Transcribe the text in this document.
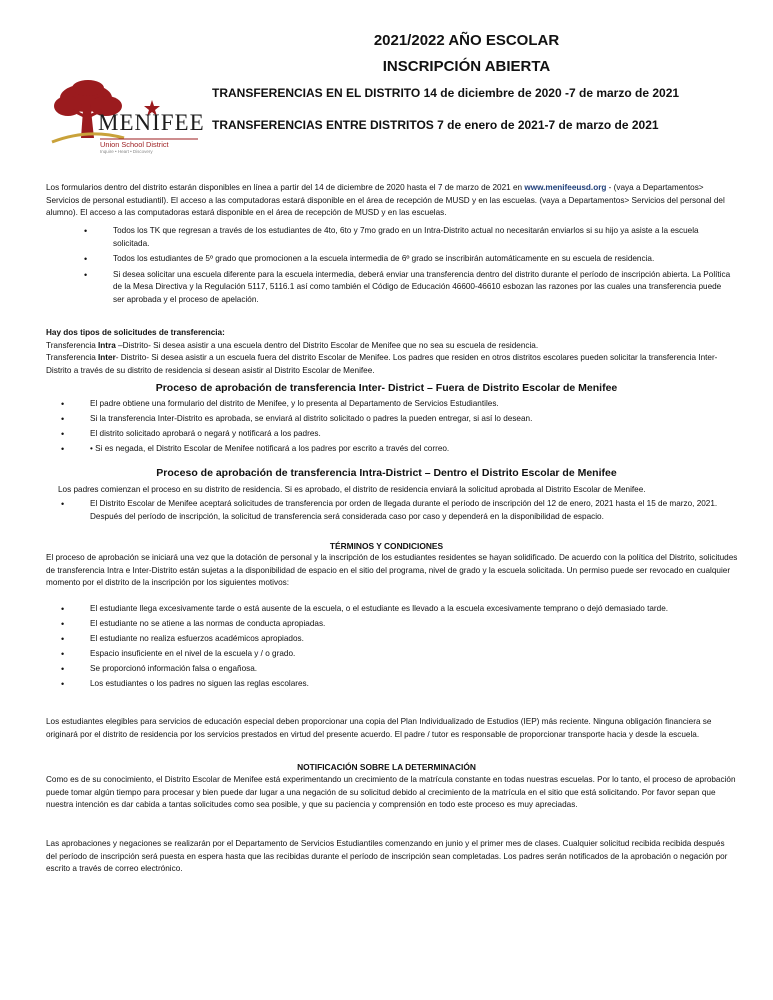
2021/2022 AÑO ESCOLAR
INSCRIPCIÓN ABIERTA
TRANSFERENCIAS EN EL DISTRITO 14 de diciembre de 2020 -7 de marzo de 2021
TRANSFERENCIAS ENTRE DISTRITOS 7 de enero de 2021-7 de marzo de 2021
MENIFEE
Union School District
Inquire • Heart • Discovery
Los formularios dentro del distrito estarán disponibles en línea a partir del 14 de diciembre de 2020 hasta el 7 de marzo de 2021 en www.menifeeusd.org - (vaya a Departamentos> Servicios de personal estudiantil). El acceso a las computadoras estará disponible en el área de recepción de MUSD y en las escuelas. (vaya a Departamentos> Servicios del personal del alumno). El acceso a las computadoras estará disponible en el área de recepción de MUSD y en las escuelas.
• Todos los TK que regresan a través de los estudiantes de 4to, 6to y 7mo grado en un Intra-Distrito actual no necesitarán enviarlos si su hijo ya asiste a la escuela solicitada.
• Todos los estudiantes de 5º grado que promocionen a la escuela intermedia de 6º grado se inscribirán automáticamente en su escuela de residencia.
• Si desea solicitar una escuela diferente para la escuela intermedia, deberá enviar una transferencia dentro del distrito durante el período de inscripción abierta. La Política de la Mesa Directiva y la Regulación 5117, 5116.1 así como también el Código de Educación 46600-46610 esbozan las razones por las cuales una transferencia puede ser aprobada y el proceso de apelación.
Hay dos tipos de solicitudes de transferencia:
Transferencia Intra –Distrito- Si desea asistir a una escuela dentro del Distrito Escolar de Menifee que no sea su escuela de residencia.
Transferencia Inter- Distrito- Si desea asistir a un escuela fuera del distrito Escolar de Menifee. Los padres que residen en otros distritos escolares pueden solicitar la transferencia Inter-Distrito a través de su distrito de residencia si desean asistir al Distrito Escolar de Menifee.
Proceso de aprobación de transferencia Inter- District – Fuera de Distrito Escolar de Menifee
• El padre obtiene una formulario del distrito de Menifee, y lo presenta al Departamento de Servicios Estudiantiles.
• Si la transferencia Inter-Distrito es aprobada, se enviará al distrito solicitado o padres la pueden entregar, si así lo desean.
• El distrito solicitado aprobará o negará y notificará a los padres.
• • Si es negada, el Distrito Escolar de Menifee notificará a los padres por escrito a través del correo.
Proceso de aprobación de transferencia Intra-District – Dentro el Distrito Escolar de Menifee
Los padres comienzan el proceso en su distrito de residencia. Si es aprobado, el distrito de residencia enviará la solicitud aprobada al Distrito Escolar de Menifee.
• El Distrito Escolar de Menifee aceptará solicitudes de transferencia por orden de llegada durante el período de inscripción del 12 de enero, 2021 hasta el 15 de marzo, 2021. Después del período de inscripción, la solicitud de transferencia será considerada caso por caso y dependerá en la disponibilidad de espacio.
TÉRMINOS Y CONDICIONES
El proceso de aprobación se iniciará una vez que la dotación de personal y la inscripción de los estudiantes residentes se hayan solidificado. De acuerdo con la política del Distrito, solicitudes de transferencia Intra e Inter-Distrito están sujetas a la disponibilidad de espacio en el sitio del programa, nivel de grado y la escuela solicitada. Un permiso puede ser revocado en cualquier momento por el distrito de la inscripción por los siguientes motivos:
• El estudiante llega excesivamente tarde o está ausente de la escuela, o el estudiante es llevado a la escuela excesivamente temprano o dejó demasiado tarde.
• El estudiante no se atiene a las normas de conducta apropiadas.
• El estudiante no realiza esfuerzos académicos apropiados.
• Espacio insuficiente en el nivel de la escuela y / o grado.
• Se proporcionó información falsa o engañosa.
• Los estudiantes o los padres no siguen las reglas escolares.
Los estudiantes elegibles para servicios de educación especial deben proporcionar una copia del Plan Individualizado de Estudios (IEP) más reciente. Ninguna obligación financiera se originará por el distrito de residencia por los servicios prestados en virtud del presente acuerdo. El padre / tutor es responsable de proporcionar transporte hacia y desde la escuela.
NOTIFICACIÓN SOBRE LA DETERMINACIÓN
Como es de su conocimiento, el Distrito Escolar de Menifee está experimentando un crecimiento de la matrícula constante en todas nuestras escuelas. Por lo tanto, el proceso de aprobación puede tomar algún tiempo para procesar y bien puede dar lugar a una negación de su solicitud debido al crecimiento de la matrícula en el sitio que está solicitando. Por favor sepan que nuestra intención es dar cabida a tantas solicitudes como sea posible, y que su paciencia y comprensión en todo este proceso es muy apreciadas.
Las aprobaciones y negaciones se realizarán por el Departamento de Servicios Estudiantiles comenzando en junio y el primer mes de clases. Cualquier solicitud recibida recibida después del período de inscripción será puesta en espera hasta que las recibidas durante el período de inscripción sean completadas. Los padres serán notificados de la aprobación o negación por escrito a través de correo electrónico.
